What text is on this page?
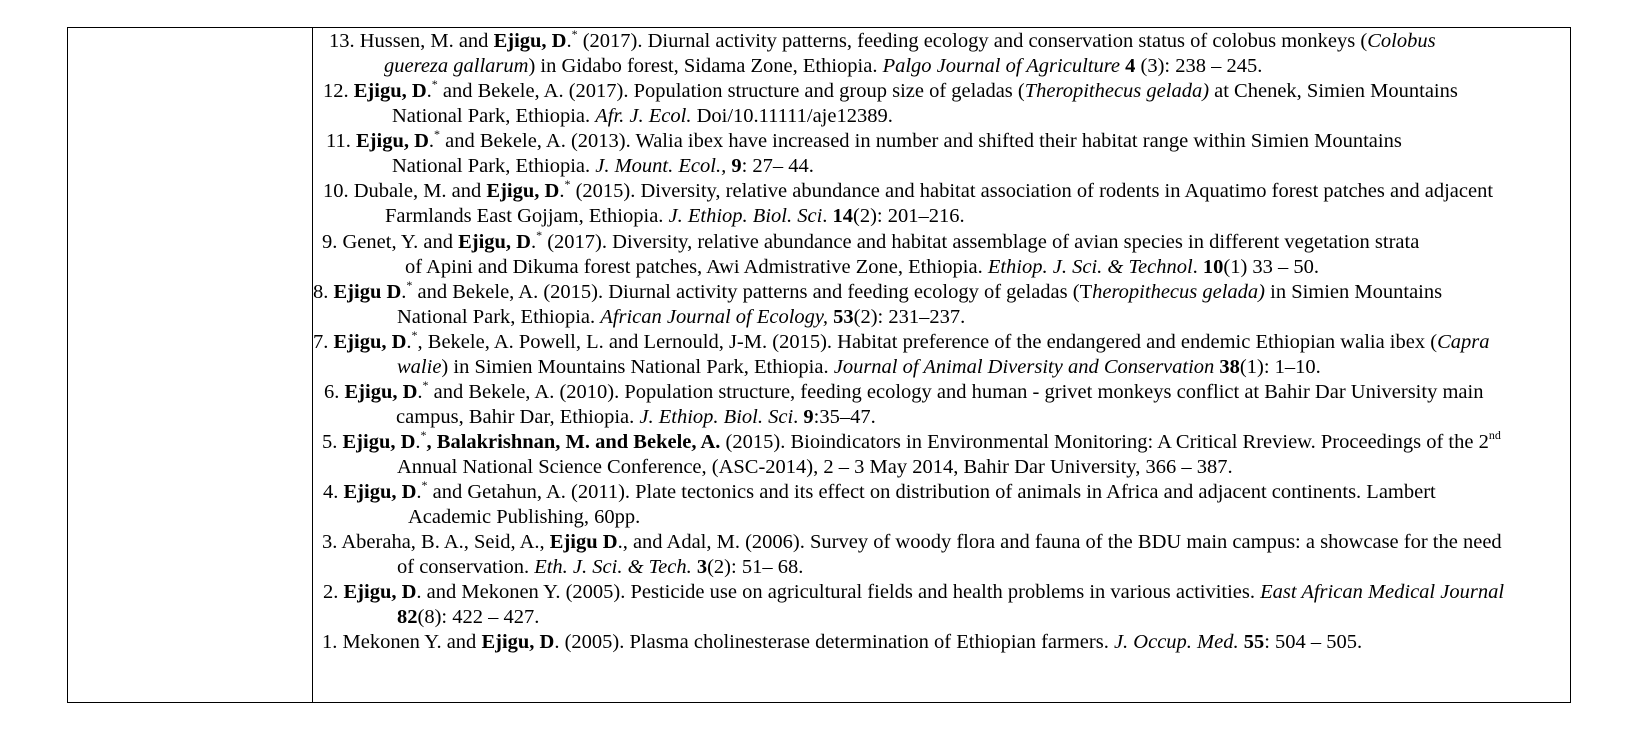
13. Hussen, M. and Ejigu, D.* (2017). Diurnal activity patterns, feeding ecology and conservation status of colobus monkeys (Colobus
guereza gallarum) in Gidabo forest, Sidama Zone, Ethiopia. Palgo Journal of Agriculture 4 (3): 238 – 245.

12. Ejigu, D.* and Bekele, A. (2017). Population structure and group size of geladas (Theropithecus gelada) at Chenek, Simien Mountains
National Park, Ethiopia. Afr. J. Ecol. Doi/10.11111/aje12389.

11. Ejigu, D.* and Bekele, A. (2013). Walia ibex have increased in number and shifted their habitat range within Simien Mountains
National Park, Ethiopia. J. Mount. Ecol., 9: 27– 44.

10. Dubale, M. and Ejigu, D.* (2015). Diversity, relative abundance and habitat association of rodents in Aquatimo forest patches and adjacent
Farmlands East Gojjam, Ethiopia. J. Ethiop. Biol. Sci. 14(2): 201–216.

9. Genet, Y. and Ejigu, D.* (2017). Diversity, relative abundance and habitat assemblage of avian species in different vegetation strata
of Apini and Dikuma forest patches, Awi Admistrative Zone, Ethiopia. Ethiop. J. Sci. & Technol. 10(1) 33 – 50.

8. Ejigu D.* and Bekele, A. (2015). Diurnal activity patterns and feeding ecology of geladas (Theropithecus gelada) in Simien Mountains
National Park, Ethiopia. African Journal of Ecology, 53(2): 231–237.

7. Ejigu, D.*, Bekele, A. Powell, L. and Lernould, J-M. (2015). Habitat preference of the endangered and endemic Ethiopian walia ibex (Capra
walie) in Simien Mountains National Park, Ethiopia. Journal of Animal Diversity and Conservation 38(1): 1–10.

6. Ejigu, D.* and Bekele, A. (2010). Population structure, feeding ecology and human - grivet monkeys conflict at Bahir Dar University main
campus, Bahir Dar, Ethiopia. J. Ethiop. Biol. Sci. 9:35–47.

5. Ejigu, D.*, Balakrishnan, M. and Bekele, A. (2015). Bioindicators in Environmental Monitoring: A Critical Rreview. Proceedings of the 2nd
Annual National Science Conference, (ASC-2014), 2 – 3 May 2014, Bahir Dar University, 366 – 387.

4. Ejigu, D.* and Getahun, A. (2011). Plate tectonics and its effect on distribution of animals in Africa and adjacent continents. Lambert
Academic Publishing, 60pp.

3. Aberaha, B. A., Seid, A., Ejigu D., and Adal, M. (2006). Survey of woody flora and fauna of the BDU main campus: a showcase for the need
of conservation. Eth. J. Sci. & Tech. 3(2): 51– 68.

2. Ejigu, D. and Mekonen Y. (2005). Pesticide use on agricultural fields and health problems in various activities. East African Medical Journal
82(8): 422 – 427.

1. Mekonen Y. and Ejigu, D. (2005). Plasma cholinesterase determination of Ethiopian farmers. J. Occup. Med. 55: 504 – 505.
